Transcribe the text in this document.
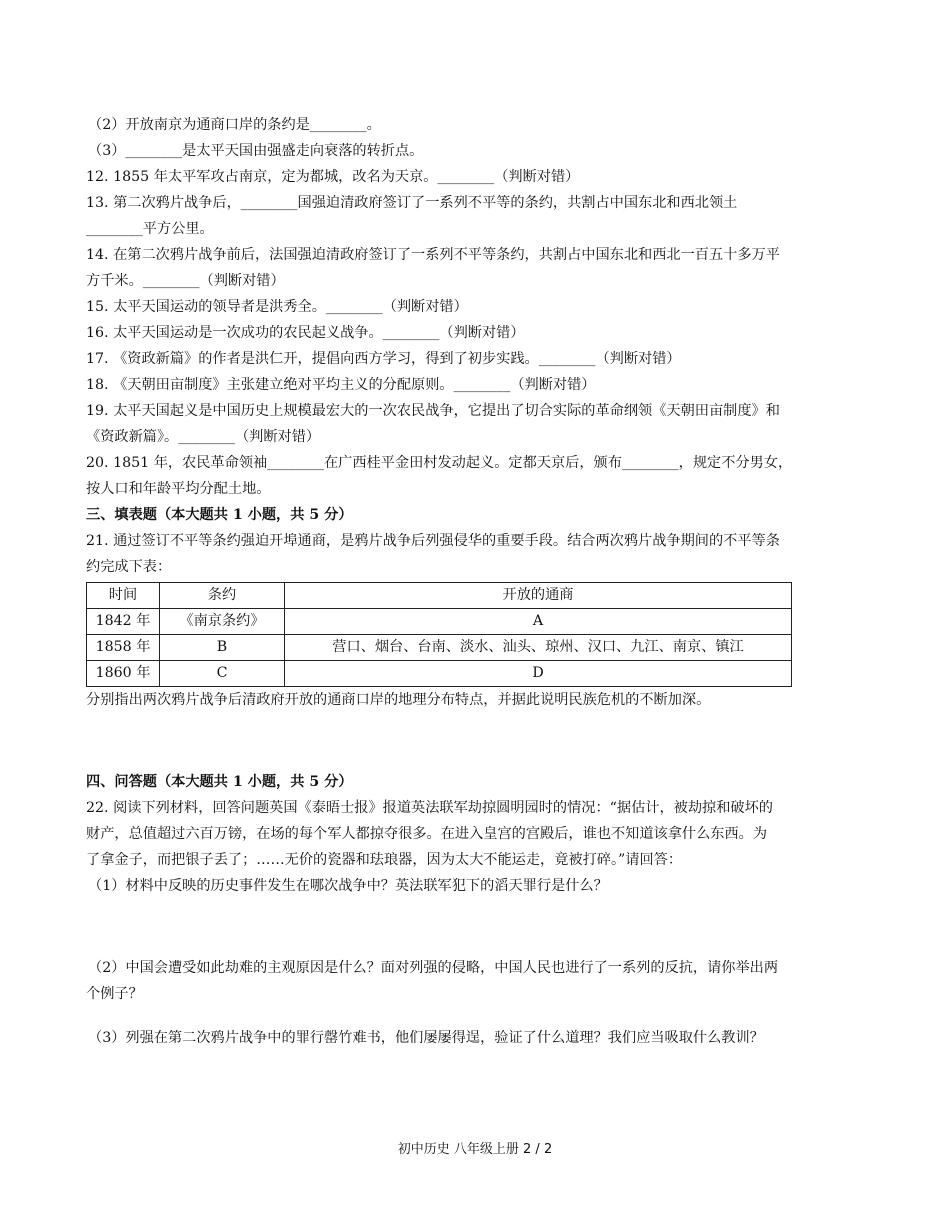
（2）开放南京为通商口岸的条约是________。
（3）________是太平天国由强盛走向衰落的转折点。
12. 1855 年太平军攻占南京，定为都城，改名为天京。________（判断对错）
13. 第二次鸦片战争后，________国强迫清政府签订了一系列不平等的条约，共割占中国东北和西北领土
________平方公里。
14. 在第二次鸦片战争前后，法国强迫清政府签订了一系列不平等条约，共割占中国东北和西北一百五十多万平
方千米。________（判断对错）
15. 太平天国运动的领导者是洪秀全。________（判断对错）
16. 太平天国运动是一次成功的农民起义战争。________（判断对错）
17. 《资政新篇》的作者是洪仁开，提倡向西方学习，得到了初步实践。________（判断对错）
18. 《天朝田亩制度》主张建立绝对平均主义的分配原则。________（判断对错）
19. 太平天国起义是中国历史上规模最宏大的一次农民战争，它提出了切合实际的革命纲领《天朝田亩制度》和
《资政新篇》。________（判断对错）
20. 1851 年，农民革命领袖________在广西桂平金田村发动起义。定都天京后，颁布________，规定不分男女，
按人口和年龄平均分配土地。
三、填表题（本大题共 1 小题，共 5 分）
21. 通过签订不平等条约强迫开埠通商，是鸦片战争后列强侵华的重要手段。结合两次鸦片战争期间的不平等条
约完成下表：
时间	条约	开放的通商
1842 年	《南京条约》	A
1858 年	B	营口、烟台、台南、淡水、汕头、琼州、汉口、九江、南京、镇江
1860 年	C	D
分别指出两次鸦片战争后清政府开放的通商口岸的地理分布特点，并据此说明民族危机的不断加深。
四、问答题（本大题共 1 小题，共 5 分）
22. 阅读下列材料，回答问题英国《泰晤士报》报道英法联军劫掠圆明园时的情况：“据估计，被劫掠和破坏的
财产，总值超过六百万镑，在场的每个军人都掠夺很多。在进入皇宫的宫殿后，谁也不知道该拿什么东西。为
了拿金子，而把银子丢了；……无价的瓷器和珐琅器，因为太大不能运走，竟被打碎。”请回答：
（1）材料中反映的历史事件发生在哪次战争中？英法联军犯下的滔天罪行是什么？
（2）中国会遭受如此劫难的主观原因是什么？面对列强的侵略，中国人民也进行了一系列的反抗，请你举出两
个例子？
（3）列强在第二次鸦片战争中的罪行罄竹难书，他们屡屡得逞，验证了什么道理？我们应当吸取什么教训？
初中历史 八年级上册 2 / 2
